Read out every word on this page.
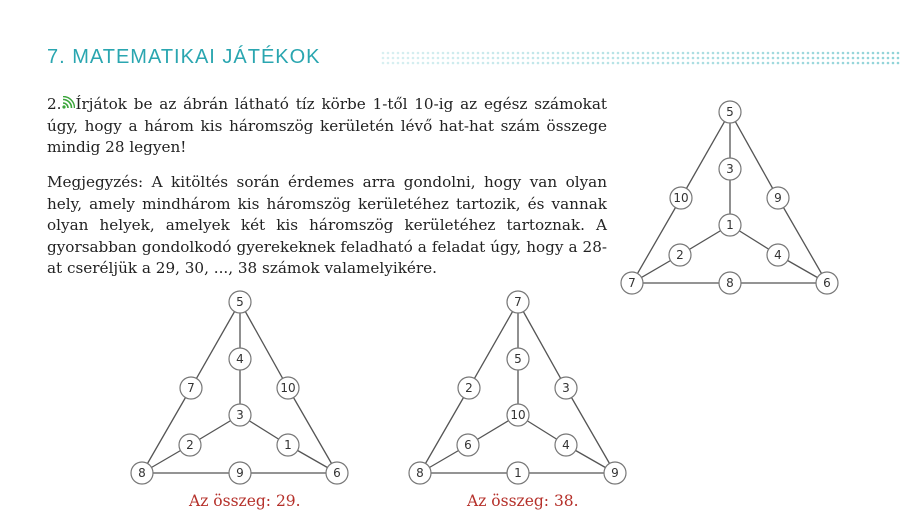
7. MATEMATIKAI JÁTÉKOK

2. Írjátok be az ábrán látható tíz körbe 1-től 10-ig az egész számokat úgy, hogy a három kis háromszög kerületén lévő hat-hat szám összege mindig 28 legyen!

Megjegyzés: A kitöltés során érdemes arra gondolni, hogy van olyan hely, amely mindhárom kis háromszög kerületéhez tartozik, és vannak olyan helyek, amelyek két kis háromszög kerületéhez tartoznak. A gyorsabban gondolkodó gyerekeknek feladható a feladat úgy, hogy a 28-at cseréljük a 29, 30, ..., 38 számok valamelyikére.

5
3
1
10	9
2	4
7	8	6
5
4
3
7	10
2	1
8	9	6
7
5
10
2	3
6	4
8	1	9
Az összeg: 29.	Az összeg: 38.
